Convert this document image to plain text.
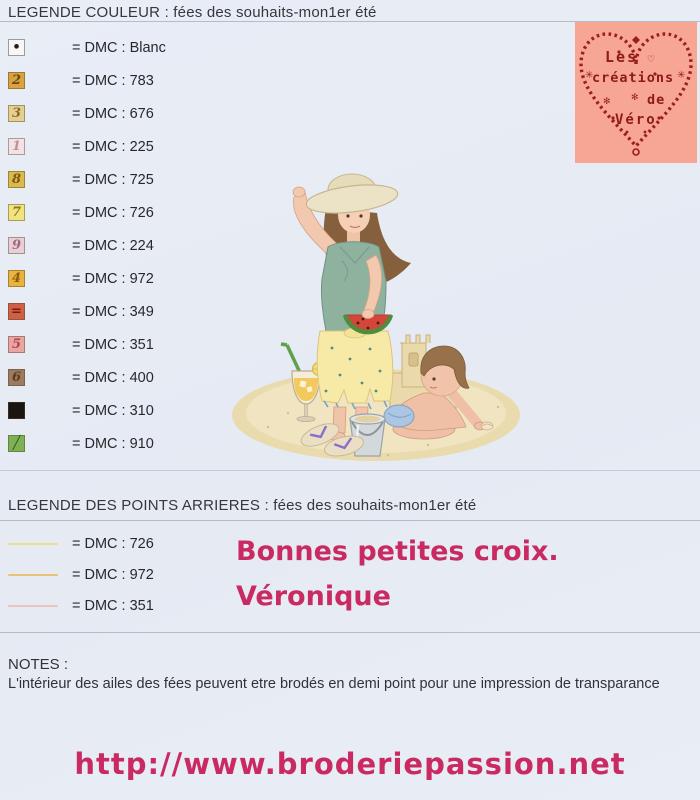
LEGENDE COULEUR : fées des souhaits-mon1er été
✳	✳
✻ ✻
♡
Les
créations
de
Véro
•	= DMC : Blanc
2	= DMC : 783
3	= DMC : 676
1	= DMC : 225
8	= DMC : 725
7	= DMC : 726
9	= DMC : 224
4	= DMC : 972
=	= DMC : 349
5	= DMC : 351
6	= DMC : 400
= DMC : 310
╱	= DMC : 910
LEGENDE DES POINTS ARRIERES : fées des souhaits-mon1er été
= DMC : 726
= DMC : 972
= DMC : 351
Bonnes petites croix.
Véronique
NOTES :
L'intérieur des ailes des fées peuvent etre brodés en demi point pour une impression de transparance
http://www.broderiepassion.net
